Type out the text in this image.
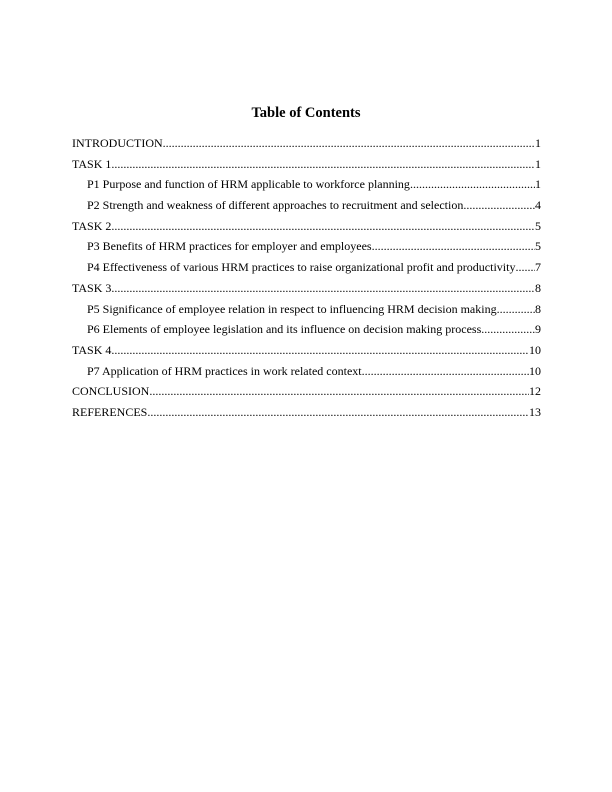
Table of Contents
INTRODUCTION .....	1
TASK 1 .....	1
P1 Purpose and function of HRM applicable to workforce planning .....	1
P2 Strength and weakness of different approaches to recruitment and selection .....	4
TASK 2 .....	5
P3 Benefits of HRM practices for employer and employees .....	5
P4 Effectiveness of various HRM practices to raise organizational profit and productivity ..... 7
TASK 3 .....	8
P5 Significance of employee relation in respect to influencing HRM decision making .....	8
P6 Elements of employee legislation and its influence on decision making process .....	9
TASK 4 .....	10
P7 Application of HRM practices in work related context .....	10
CONCLUSION .....	12
REFERENCES .....	13
